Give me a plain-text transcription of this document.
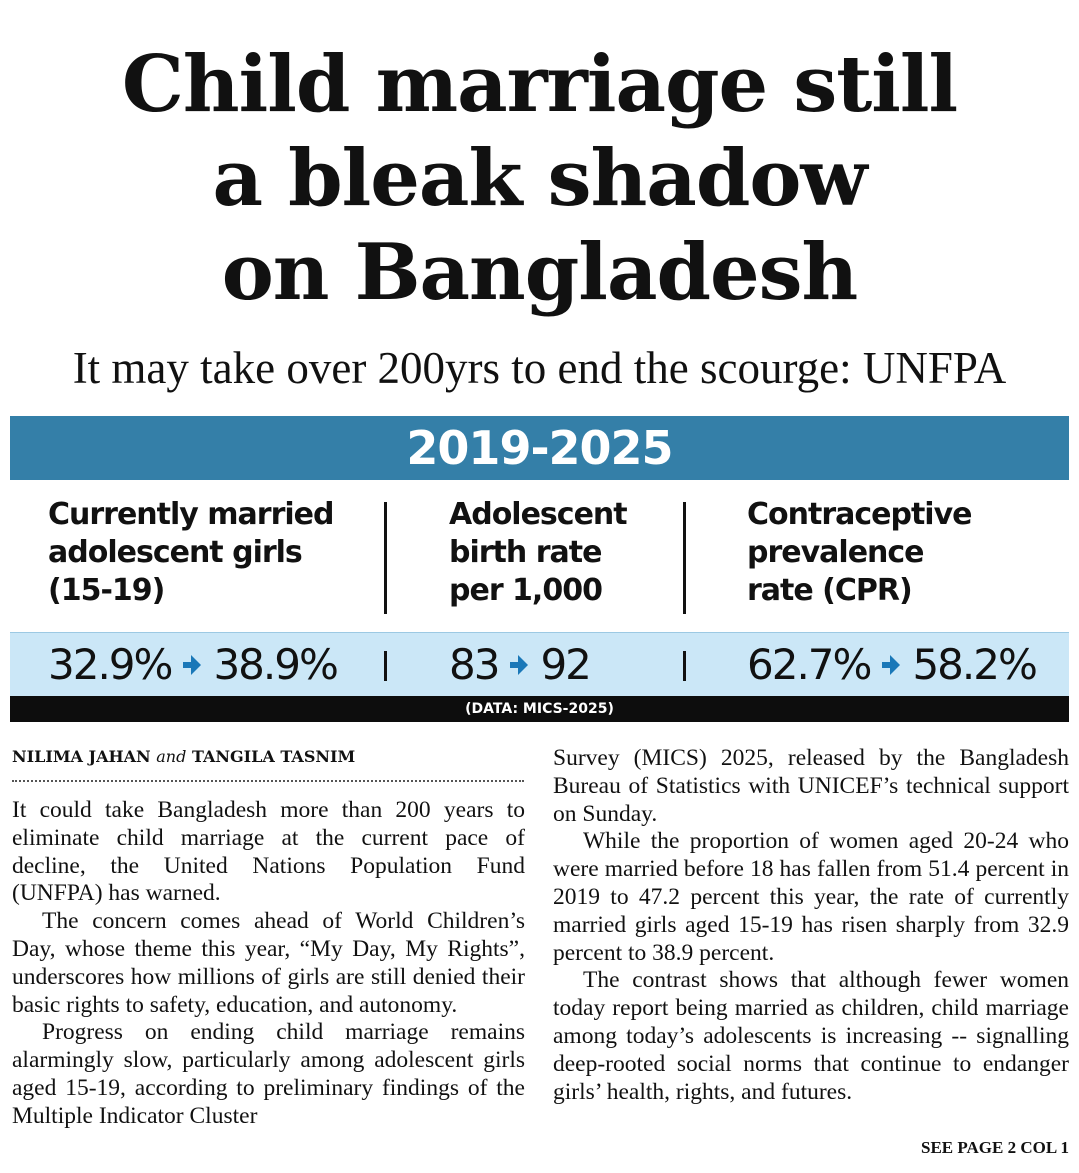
Child marriage still
a bleak shadow
on Bangladesh
It may take over 200yrs to end the scourge: UNFPA
2019-2025
Currently married
adolescent girls
(15-19)
Adolescent
birth rate
per 1,000
Contraceptive
prevalence
rate (CPR)
32.9% 38.9%	83 92	62.7% 58.2%
(DATA: MICS-2025)
NILIMA JAHAN and TANGILA TASNIM

It could take Bangladesh more than 200 years to eliminate child marriage at the current pace of decline, the United Nations Population Fund (UNFPA) has warned.

The concern comes ahead of World Children’s Day, whose theme this year, “My Day, My Rights”, underscores how millions of girls are still denied their basic rights to safety, education, and autonomy.

Progress on ending child marriage remains alarmingly slow, particularly among adolescent girls aged 15-19, according to preliminary findings of the Multiple Indicator Cluster

Survey (MICS) 2025, released by the Bangladesh Bureau of Statistics with UNICEF’s technical support on Sunday.

While the proportion of women aged 20-24 who were married before 18 has fallen from 51.4 percent in 2019 to 47.2 percent this year, the rate of currently married girls aged 15-19 has risen sharply from 32.9 percent to 38.9 percent.

The contrast shows that although fewer women today report being married as children, child marriage among today’s adolescents is increasing -- signalling deep-rooted social norms that continue to endanger girls’ health, rights, and futures.

SEE PAGE 2 COL 1
